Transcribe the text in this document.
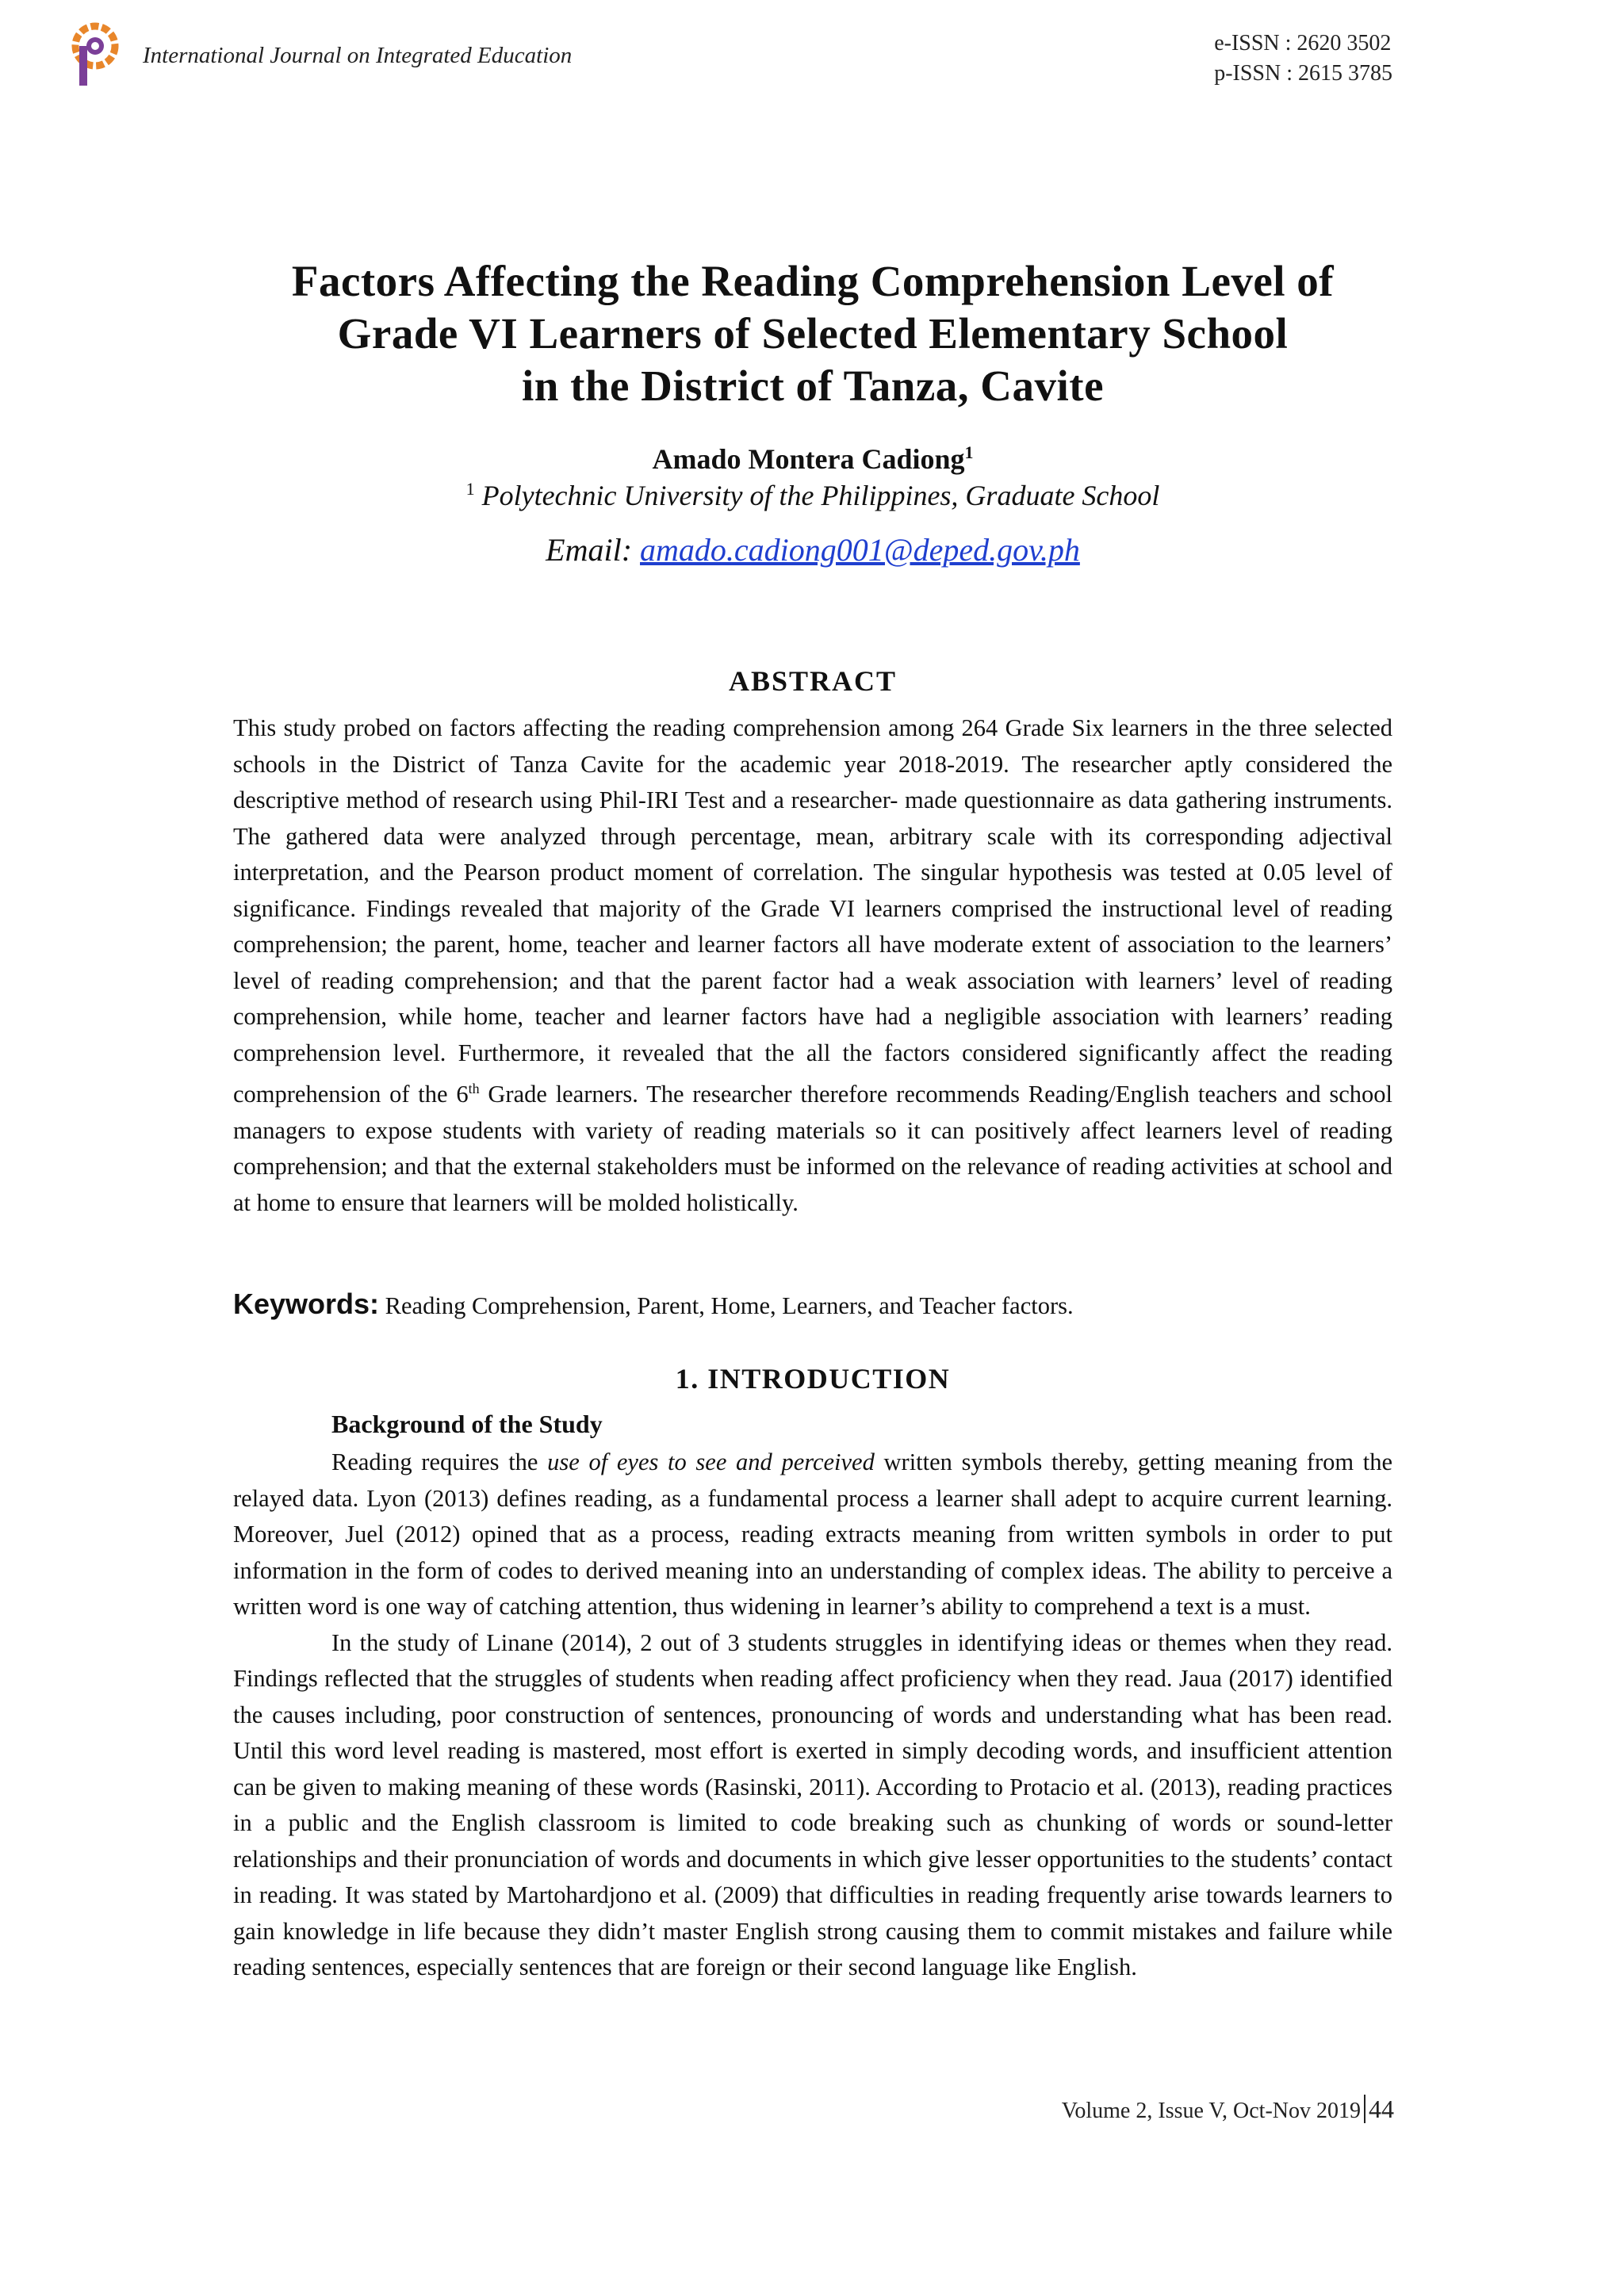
International Journal on Integrated Education	e-ISSN : 2620 3502
p-ISSN : 2615 3785
Factors Affecting the Reading Comprehension Level of
Grade VI Learners of Selected Elementary School
in the District of Tanza, Cavite
Amado Montera Cadiong$^1$
$^1$ Polytechnic University of the Philippines, Graduate School
Email: amado.cadiong001@deped.gov.ph
ABSTRACT

This study probed on factors affecting the reading comprehension among 264 Grade Six learners in the three selected schools in the District of Tanza Cavite for the academic year 2018-2019. The researcher aptly considered the descriptive method of research using Phil-IRI Test and a researcher- made questionnaire as data gathering instruments. The gathered data were analyzed through percentage, mean, arbitrary scale with its corresponding adjectival interpretation, and the Pearson product moment of correlation. The singular hypothesis was tested at 0.05 level of significance. Findings revealed that majority of the Grade VI learners comprised the instructional level of reading comprehension; the parent, home, teacher and learner factors all have moderate extent of association to the learners’ level of reading comprehension; and that the parent factor had a weak association with learners’ level of reading comprehension, while home, teacher and learner factors have had a negligible association with learners’ reading comprehension level. Furthermore, it revealed that the all the factors considered significantly affect the reading comprehension of the 6th Grade learners. The researcher therefore recommends Reading/English teachers and school managers to expose students with variety of reading materials so it can positively affect learners level of reading comprehension; and that the external stakeholders must be informed on the relevance of reading activities at school and at home to ensure that learners will be molded holistically.

Keywords: Reading Comprehension, Parent, Home, Learners, and Teacher factors.
1. INTRODUCTION
Background of the Study

Reading requires the use of eyes to see and perceived written symbols thereby, getting meaning from the relayed data. Lyon (2013) defines reading, as a fundamental process a learner shall adept to acquire current learning. Moreover, Juel (2012) opined that as a process, reading extracts meaning from written symbols in order to put information in the form of codes to derived meaning into an understanding of complex ideas. The ability to perceive a written word is one way of catching attention, thus widening in learner’s ability to comprehend a text is a must.

In the study of Linane (2014), 2 out of 3 students struggles in identifying ideas or themes when they read. Findings reflected that the struggles of students when reading affect proficiency when they read. Jaua (2017) identified the causes including, poor construction of sentences, pronouncing of words and understanding what has been read. Until this word level reading is mastered, most effort is exerted in simply decoding words, and insufficient attention can be given to making meaning of these words (Rasinski, 2011). According to Protacio et al. (2013), reading practices in a public and the English classroom is limited to code breaking such as chunking of words or sound-letter relationships and their pronunciation of words and documents in which give lesser opportunities to the students’ contact in reading. It was stated by Martohardjono et al. (2009) that difficulties in reading frequently arise towards learners to gain knowledge in life because they didn’t master English strong causing them to commit mistakes and failure while reading sentences, especially sentences that are foreign or their second language like English.

Volume 2, Issue V, Oct-Nov 2019 44
